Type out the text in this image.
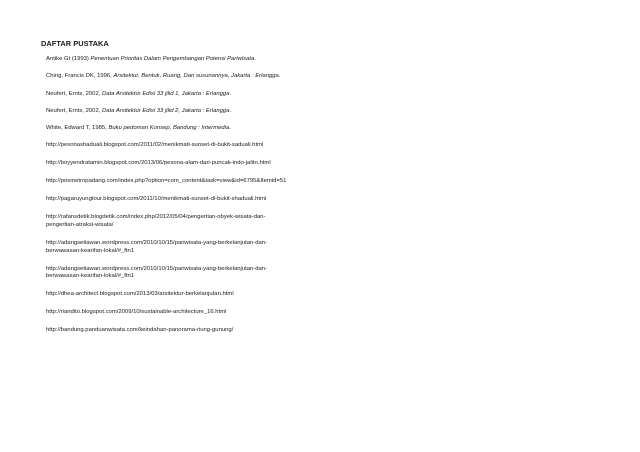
DAFTAR PUSTAKA

Antike Gt (1993) Penentuan Prioritas Dalam Pengembangan Potensi Pariwisata.

Ching, Francis DK, 1996, Arsitektur, Bentuk, Ruang, Dan susunannya, Jakarta : Erlangga.

Neufert, Ernts, 2002, Data Arsitektur Edisi 33 jilid 1, Jakarta : Erlangga.

Neufert, Ernts, 2002, Data Arsitektur Edisi 33 jilid 2, Jakarta : Erlangga.

White, Edward T, 1985, Buku pedoman Konsep, Bandung : Intermedia.

http://pesonashaduali.blogspot.com/2011/02/menikmati-sunset-di-bukit-saduali.html

http://boyyendratamin.blogspot.com/2013/06/pesona-alam-dari-puncak-indo-jalito.html

http://posmetropadang.com/index.php?option=com_content&task=view&id=6795&Itemid=51

http://pagaruyungtour.blogspot.com/2011/10/menikmati-sunset-di-bukit-shaduali.html

http://rafansdetik.blogdetik.com/index.php/2012/05/04/pengertian-obyek-wisata-dan-
pengertian-atraksi-wisata/

http://adangsetiawan.wordpress.com/2010/10/15/pariwisata-yang-berkelanjutan-dan-
berwawasan-kearifan-lokal/#_ftn1

http://adangsetiawan.wordpress.com/2010/10/15/pariwisata-yang-berkelanjutan-dan-
berwawasan-kearifan-lokal/#_ftn1

http://dhea-architect.blogspot.com/2013/03/arsitektur-berkelanjutan.html

http://riandito.blogspot.com/2009/10/sustainable-architecture_16.html

http://bandung.panduanwisata.com/keindahan-panorama-riung-gunung/
